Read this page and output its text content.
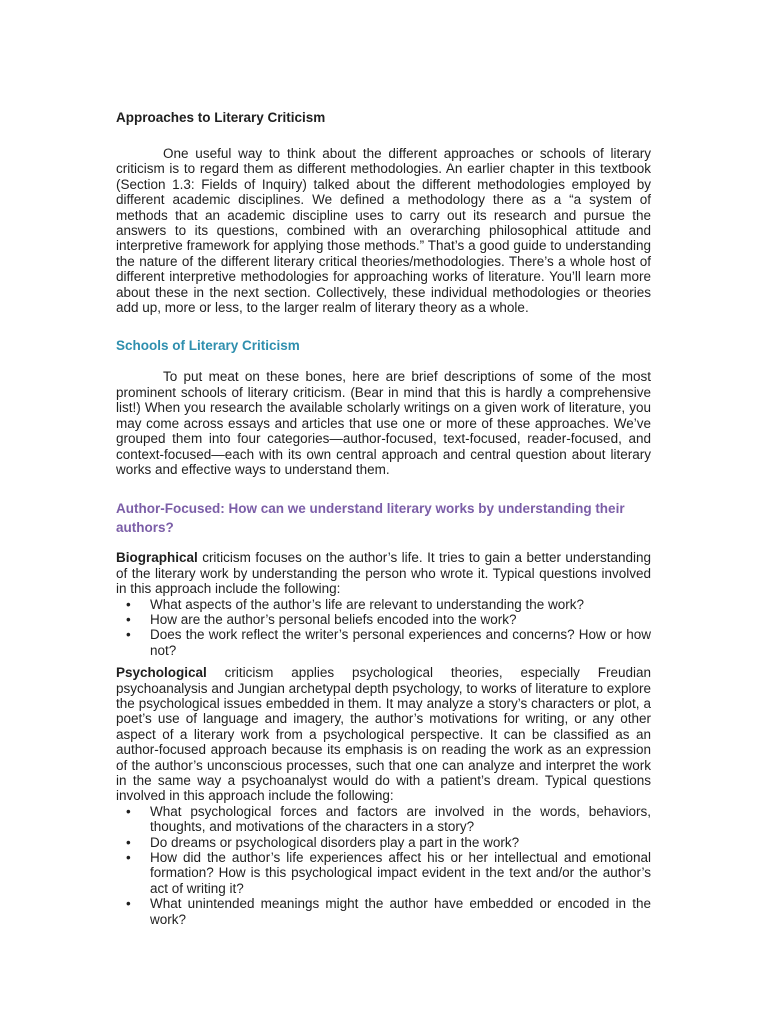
Approaches to Literary Criticism

One useful way to think about the different approaches or schools of literary criticism is to regard them as different methodologies. An earlier chapter in this textbook (Section 1.3: Fields of Inquiry) talked about the different methodologies employed by different academic disciplines. We defined a methodology there as a “a system of methods that an academic discipline uses to carry out its research and pursue the answers to its questions, combined with an overarching philosophical attitude and interpretive framework for applying those methods.” That’s a good guide to understanding the nature of the different literary critical theories/methodologies. There’s a whole host of different interpretive methodologies for approaching works of literature. You’ll learn more about these in the next section. Collectively, these individual methodologies or theories add up, more or less, to the larger realm of literary theory as a whole.

Schools of Literary Criticism

To put meat on these bones, here are brief descriptions of some of the most prominent schools of literary criticism. (Bear in mind that this is hardly a comprehensive list!) When you research the available scholarly writings on a given work of literature, you may come across essays and articles that use one or more of these approaches. We’ve grouped them into four categories—author-focused, text-focused, reader-focused, and context-focused—each with its own central approach and central question about literary works and effective ways to understand them.

Author-Focused: How can we understand literary works by understanding their authors?

Biographical criticism focuses on the author’s life. It tries to gain a better understanding of the literary work by understanding the person who wrote it. Typical questions involved in this approach include the following:

• What aspects of the author’s life are relevant to understanding the work?
• How are the author’s personal beliefs encoded into the work?
• Does the work reflect the writer’s personal experiences and concerns? How or how not?

Psychological criticism applies psychological theories, especially Freudian psychoanalysis and Jungian archetypal depth psychology, to works of literature to explore the psychological issues embedded in them. It may analyze a story’s characters or plot, a poet’s use of language and imagery, the author’s motivations for writing, or any other aspect of a literary work from a psychological perspective. It can be classified as an author-focused approach because its emphasis is on reading the work as an expression of the author’s unconscious processes, such that one can analyze and interpret the work in the same way a psychoanalyst would do with a patient’s dream. Typical questions involved in this approach include the following:

• What psychological forces and factors are involved in the words, behaviors, thoughts, and motivations of the characters in a story?
• Do dreams or psychological disorders play a part in the work?
• How did the author’s life experiences affect his or her intellectual and emotional formation? How is this psychological impact evident in the text and/or the author’s act of writing it?
• What unintended meanings might the author have embedded or encoded in the work?
